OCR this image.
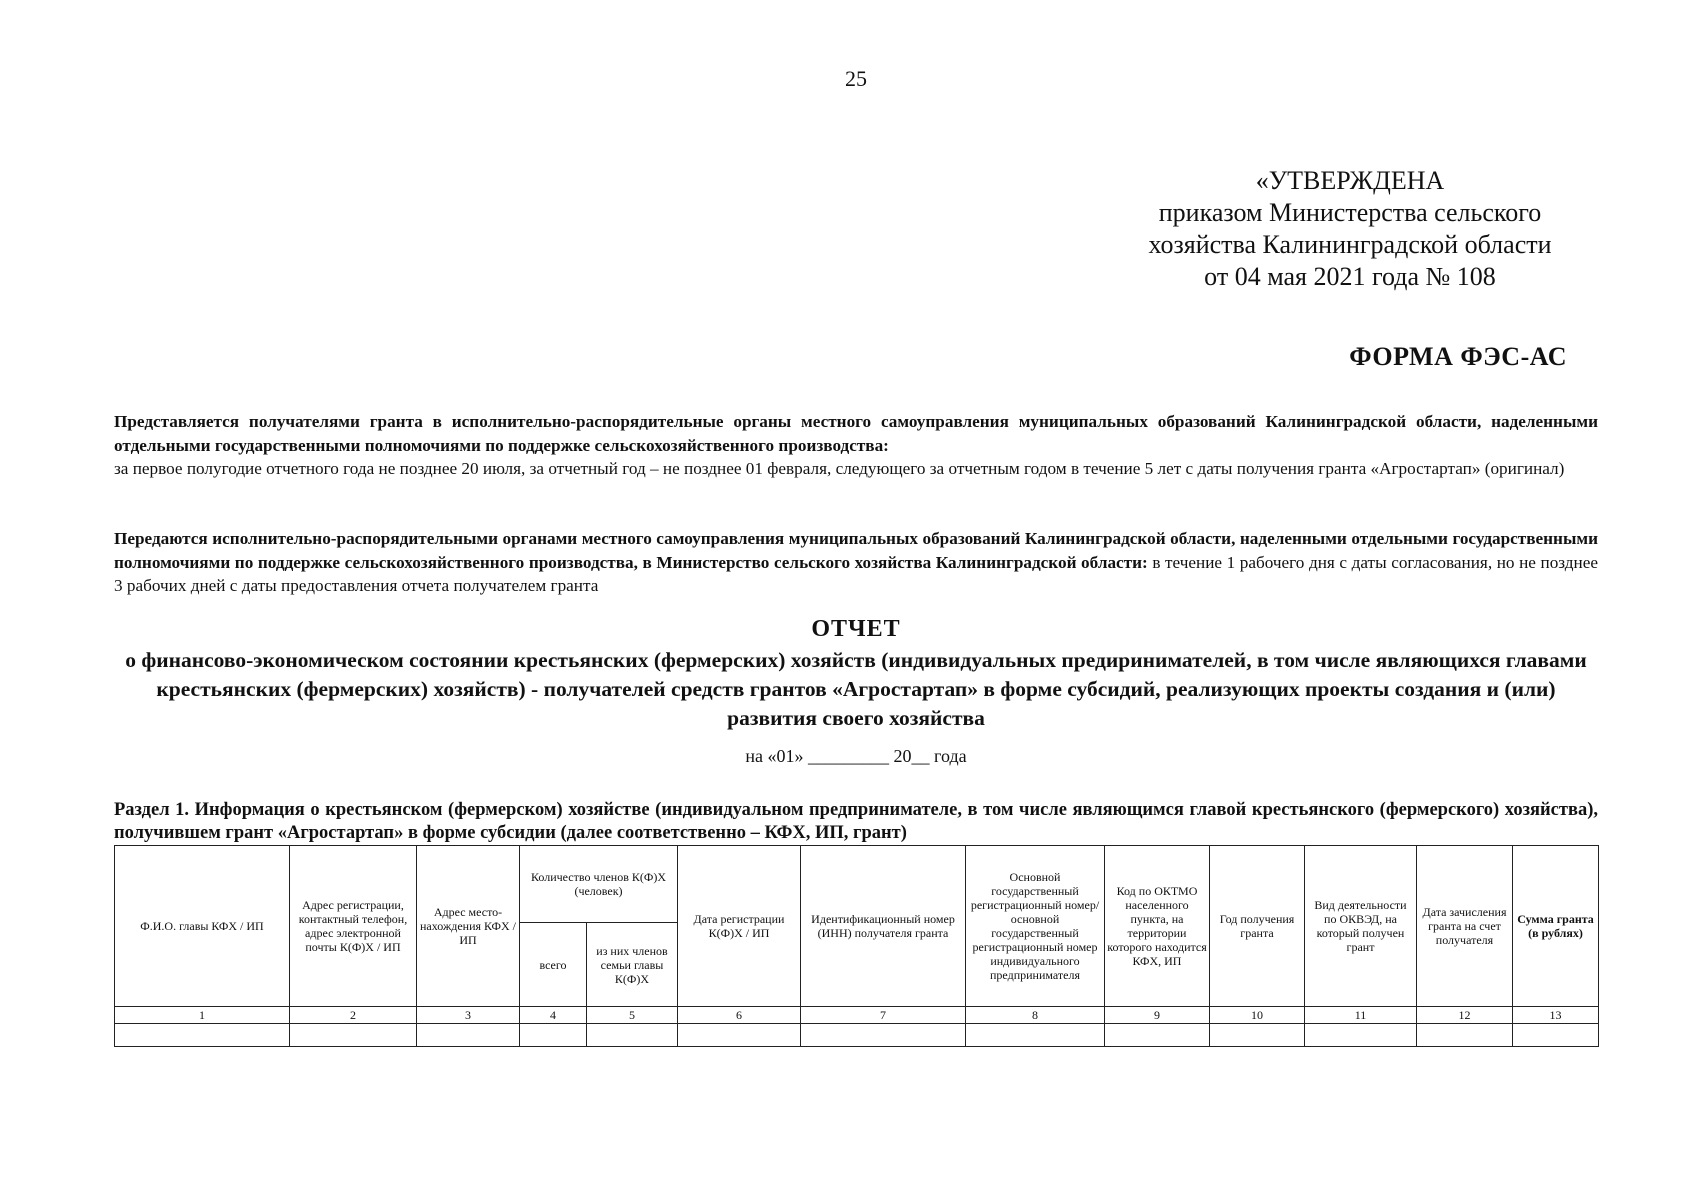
25
«УТВЕРЖДЕНА
приказом Министерства сельского
хозяйства Калининградской области
от 04 мая 2021 года № 108
ФОРМА ФЭС-АС
Представляется получателями гранта в исполнительно-распорядительные органы местного самоуправления муниципальных образований Калининградской области, наделенными отдельными государственными полномочиями по поддержке сельскохозяйственного производства:
за первое полугодие отчетного года не позднее 20 июля, за отчетный год – не позднее 01 февраля, следующего за отчетным годом в течение 5 лет с даты получения гранта «Агростартап» (оригинал)
Передаются исполнительно-распорядительными органами местного самоуправления муниципальных образований Калининградской области, наделенными отдельными государственными полномочиями по поддержке сельскохозяйственного производства, в Министерство сельского хозяйства Калининградской области: в течение 1 рабочего дня с даты согласования, но не позднее 3 рабочих дней с даты предоставления отчета получателем гранта
ОТЧЕТ
о финансово-экономическом состоянии крестьянских (фермерских) хозяйств (индивидуальных предиринимателей, в том числе являющихся главами крестьянских (фермерских) хозяйств) - получателей средств грантов «Агростартап» в форме субсидий, реализующих проекты создания и (или) развития своего хозяйства
на «01» _________ 20__ года
Раздел 1. Информация о крестьянском (фермерском) хозяйстве (индивидуальном предпринимателе, в том числе являющимся главой крестьянского (фермерского) хозяйства), получившем грант «Агростартап» в форме субсидии (далее соответственно – КФХ, ИП, грант)
Ф.И.О. главы КФХ / ИП	Адрес регистрации, контактный телефон, адрес электронной почты К(Ф)Х / ИП	Адрес место-нахождения КФХ / ИП	Количество членов К(Ф)Х (человек)		Дата регистрации К(Ф)Х / ИП	Идентификационный номер (ИНН) получателя гранта	Основной государственный регистрационный номер/основной государственный регистрационный номер индивидуального предпринимателя	Код по ОКТМО населенного пункта, на территории которого находится КФХ, ИП	Год получения гранта	Вид деятельности по ОКВЭД, на который получен грант	Дата зачисления гранта на счет получателя	Сумма гранта (в рублях)
			всего	из них членов семьи главы К(Ф)Х								
1	2	3	4	5	6	7	8	9	10	11	12	13
